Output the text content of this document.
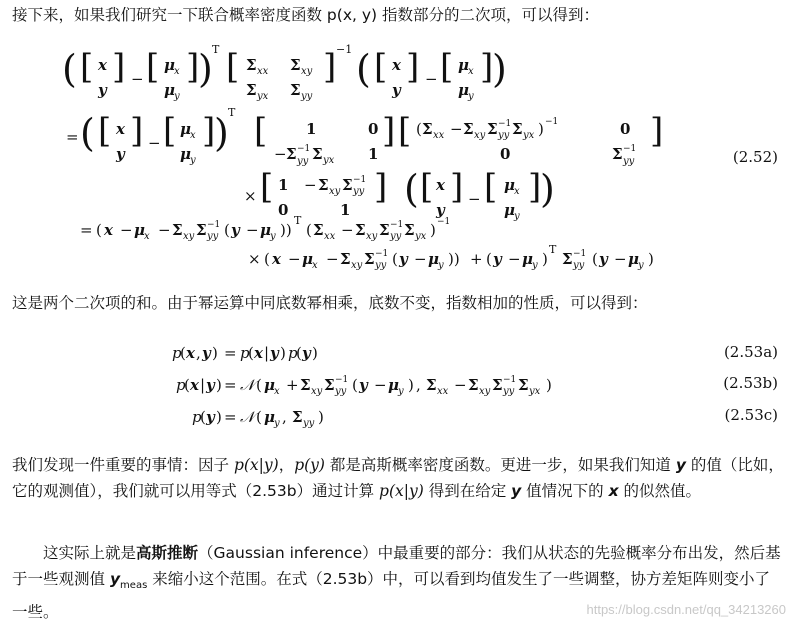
接下来，如果我们研究一下联合概率密度函数 p(x, y) 指数部分的二次项，可以得到：
(2.52)
( [ x
y
] − [ μ x
μ y
]
) T [ Σ xx Σ xy
Σ yx Σ yy
] −1 ( [ x
y
] − [ μ x
μ y
]
)
= ( [ x
y
] − [ μ x
μ y
]
) T [	1	0
− Σ −1
yy Σ yx 1
] [ ( Σ xx − Σ xy Σ −1
yy Σ yx ) −1	0
0	Σ −1
yy
]
× [ 1 − Σ xy Σ −1
yy
0	1
] ( [ x
y
] − [ μ x
μ y
]
)
= ( x − μ x − Σ xy Σ −1
yy ( y − μ y ))
T
( Σ xx − Σ xy Σ −1
yy Σ yx ) −1
× ( x − μ x − Σ xy Σ −1
yy ( y − μ y )) + ( y − μ y )
T
Σ −1
yy ( y − μ y )
这是两个二次项的和。由于幂运算中同底数幂相乘，底数不变，指数相加的性质，可以得到：
(2.53a)
(2.53b)
(2.53c)
p
( x , y ) = p
( x | y ) p
( y )
p
( x | y ) = 𝒩 ( μ x + Σ xy Σ −1
yy ( y − μ y ) , Σ xx − Σ xy Σ −1
yy Σ yx )
p
( y ) = 𝒩 ( μ y , Σ yy )
我们发现一件重要的事情：因子 p(x|y)，p(y) 都是高斯概率密度函数。更进一步，如果我们知道 y 的值（比如，它的观测值），我们就可以用等式（2.53b）通过计算 p(x|y) 得到在给定 y 值情况下的 x 的似然值。
这实际上就是高斯推断（Gaussian inference）中最重要的部分：我们从状态的先验概率分布出发，然后基于一些观测值 $y_{meas}$ 来缩小这个范围。在式（2.53b）中，可以看到均值发生了一些调整，协方差矩阵则变小了一些。	https://blog.csdn.net/qq_34213260
